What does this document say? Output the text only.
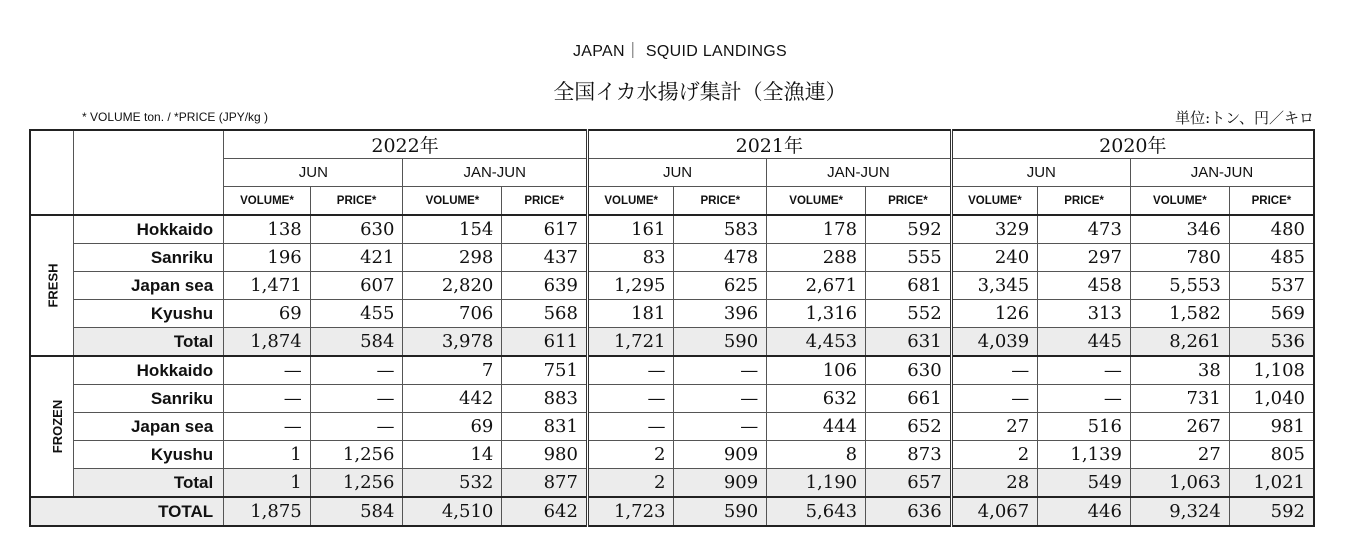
JAPAN｜ SQUID LANDINGS
全国イカ水揚げ集計（全漁連）
* VOLUME ton. / *PRICE (JPY/kg )	単位:トン、円／キロ
		2022年				2021年				2020年			
		JUN		JAN-JUN		JUN		JAN-JUN		JUN		JAN-JUN	
		VOLUME*	PRICE*	VOLUME*	PRICE*	VOLUME*	PRICE*	VOLUME*	PRICE*	VOLUME*	PRICE*	VOLUME*	PRICE*
FRESH	Hokkaido	138	630	154	617	161	583	178	592	329	473	346	480
	Sanriku	196	421	298	437	83	478	288	555	240	297	780	485
	Japan sea	1,471	607	2,820	639	1,295	625	2,671	681	3,345	458	5,553	537
	Kyushu	69	455	706	568	181	396	1,316	552	126	313	1,582	569
	Total	1,874	584	3,978	611	1,721	590	4,453	631	4,039	445	8,261	536
FROZEN	Hokkaido	—	—	7	751	—	—	106	630	—	—	38	1,108
	Sanriku	—	—	442	883	—	—	632	661	—	—	731	1,040
	Japan sea	—	—	69	831	—	—	444	652	27	516	267	981
	Kyushu	1	1,256	14	980	2	909	8	873	2	1,139	27	805
	Total	1	1,256	532	877	2	909	1,190	657	28	549	1,063	1,021
TOTAL		1,875	584	4,510	642	1,723	590	5,643	636	4,067	446	9,324	592
